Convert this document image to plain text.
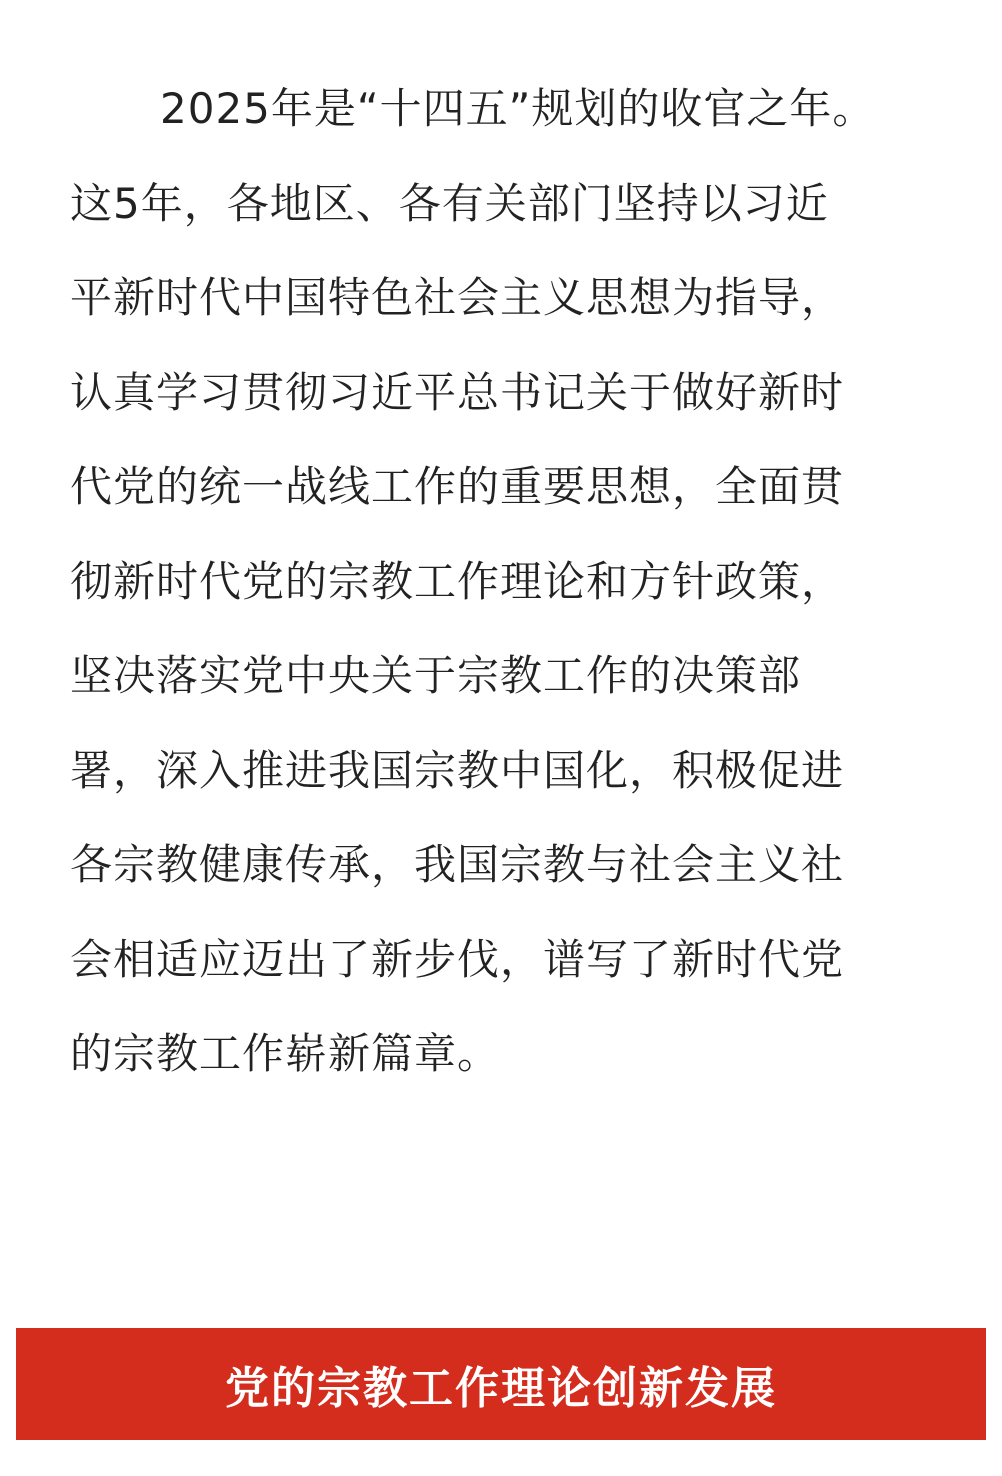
2025年是“十四五”规划的收官之年。
这5年，各地区、各有关部门坚持以习近
平新时代中国特色社会主义思想为指导，
认真学习贯彻习近平总书记关于做好新时
代党的统一战线工作的重要思想，全面贯
彻新时代党的宗教工作理论和方针政策，
坚决落实党中央关于宗教工作的决策部
署，深入推进我国宗教中国化，积极促进
各宗教健康传承，我国宗教与社会主义社
会相适应迈出了新步伐，谱写了新时代党
的宗教工作崭新篇章。

党的宗教工作理论创新发展
